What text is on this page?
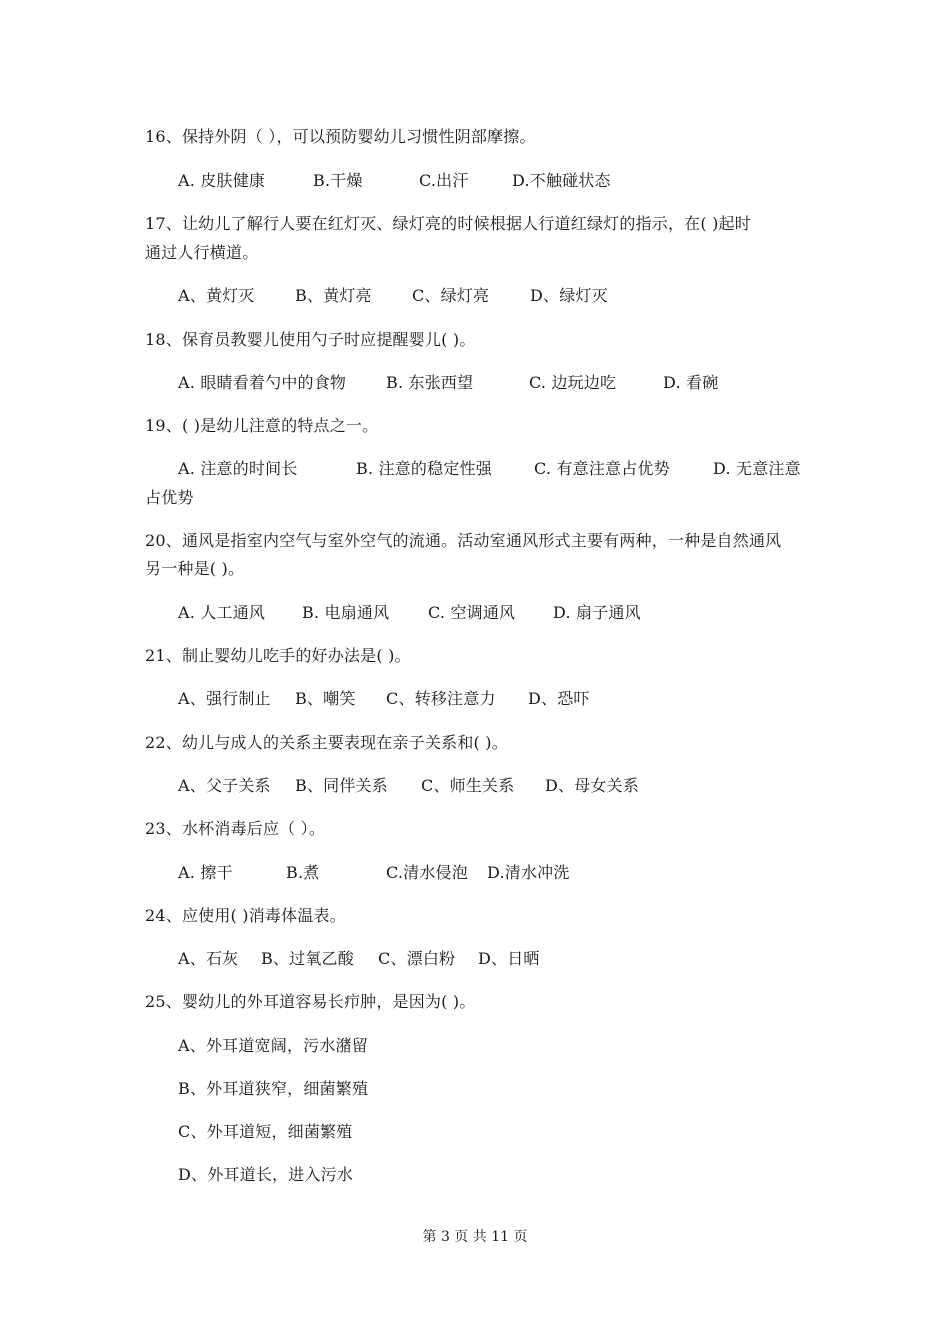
16、保持外阴（ ），可以预防婴幼儿习惯性阴部摩擦。
A. 皮肤健康	B.干燥	C.出汗	D.不触碰状态
17、让幼儿了解行人要在红灯灭、绿灯亮的时候根据人行道红绿灯的指示，在( )起时
通过人行横道。
A、黄灯灭	B、黄灯亮	C、绿灯亮	D、绿灯灭
18、保育员教婴儿使用勺子时应提醒婴儿( )。
A. 眼睛看着勺中的食物 B. 东张西望	C. 边玩边吃	D. 看碗
19、( )是幼儿注意的特点之一。
A. 注意的时间长	B. 注意的稳定性强	C. 有意注意占优势	D. 无意注意
占优势
20、通风是指室内空气与室外空气的流通。活动室通风形式主要有两种，一种是自然通风
另一种是( )。
A. 人工通风 B. 电扇通风 C. 空调通风 D. 扇子通风
21、制止婴幼儿吃手的好办法是( )。
A、强行制止 B、嘲笑 C、转移注意力 D、恐吓
22、幼儿与成人的关系主要表现在亲子关系和( )。
A、父子关系 B、同伴关系 C、师生关系 D、母女关系
23、水杯消毒后应（ ）。
A. 擦干	B.煮	C.清水侵泡 D.清水冲洗
24、应使用( )消毒体温表。
A、石灰 B、过氧乙酸 C、漂白粉 D、日晒
25、婴幼儿的外耳道容易长疖肿，是因为( )。
A、外耳道宽阔，污水潴留
B、外耳道狭窄，细菌繁殖
C、外耳道短，细菌繁殖
D、外耳道长，进入污水
第 3 页 共 11 页
